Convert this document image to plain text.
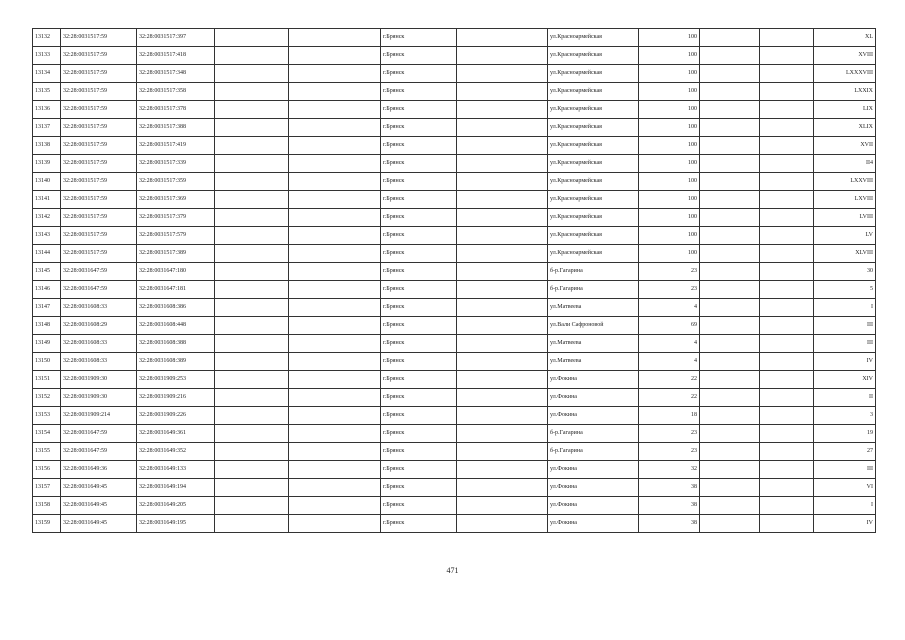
13132	32:28:0031517:59	32:28:0031517:397			г.Брянск		ул.Красноармейская	100			XL
13133	32:28:0031517:59	32:28:0031517:418			г.Брянск		ул.Красноармейская	100			XVIII
13134	32:28:0031517:59	32:28:0031517:348			г.Брянск		ул.Красноармейская	100			LXXXVIII
13135	32:28:0031517:59	32:28:0031517:358			г.Брянск		ул.Красноармейская	100			LXXIX
13136	32:28:0031517:59	32:28:0031517:378			г.Брянск		ул.Красноармейская	100			LIX
13137	32:28:0031517:59	32:28:0031517:388			г.Брянск		ул.Красноармейская	100			XLIX
13138	32:28:0031517:59	32:28:0031517:419			г.Брянск		ул.Красноармейская	100			XVII
13139	32:28:0031517:59	32:28:0031517:339			г.Брянск		ул.Красноармейская	100			II4
13140	32:28:0031517:59	32:28:0031517:359			г.Брянск		ул.Красноармейская	100			LXXVIII
13141	32:28:0031517:59	32:28:0031517:369			г.Брянск		ул.Красноармейская	100			LXVIII
13142	32:28:0031517:59	32:28:0031517:379			г.Брянск		ул.Красноармейская	100			LVIII
13143	32:28:0031517:59	32:28:0031517:579			г.Брянск		ул.Красноармейская	100			LV
13144	32:28:0031517:59	32:28:0031517:389			г.Брянск		ул.Красноармейская	100			XLVIII
13145	32:28:0031647:59	32:28:0031647:180			г.Брянск		б-р.Гагарина	23			30
13146	32:28:0031647:59	32:28:0031647:181			г.Брянск		б-р.Гагарина	23			5
13147	32:28:0031608:33	32:28:0031608:386			г.Брянск		ул.Матвеева	4			I
13148	32:28:0031608:29	32:28:0031608:448			г.Брянск		ул.Вали Сафроновой	69			III
13149	32:28:0031608:33	32:28:0031608:388			г.Брянск		ул.Матвеева	4			III
13150	32:28:0031608:33	32:28:0031608:389			г.Брянск		ул.Матвеева	4			IV
13151	32:28:0031909:30	32:28:0031909:253			г.Брянск		ул.Фокина	22			XIV
13152	32:28:0031909:30	32:28:0031909:216			г.Брянск		ул.Фокина	22			II
13153	32:28:0031909:214	32:28:0031909:226			г.Брянск		ул.Фокина	18			3
13154	32:28:0031647:59	32:28:0031649:361			г.Брянск		б-р.Гагарина	23			19
13155	32:28:0031647:59	32:28:0031649:352			г.Брянск		б-р.Гагарина	23			27
13156	32:28:0031649:36	32:28:0031649:133			г.Брянск		ул.Фокина	32			III
13157	32:28:0031649:45	32:28:0031649:194			г.Брянск		ул.Фокина	38			VI
13158	32:28:0031649:45	32:28:0031649:205			г.Брянск		ул.Фокина	38			I
13159	32:28:0031649:45	32:28:0031649:195			г.Брянск		ул.Фокина	38			IV
471
